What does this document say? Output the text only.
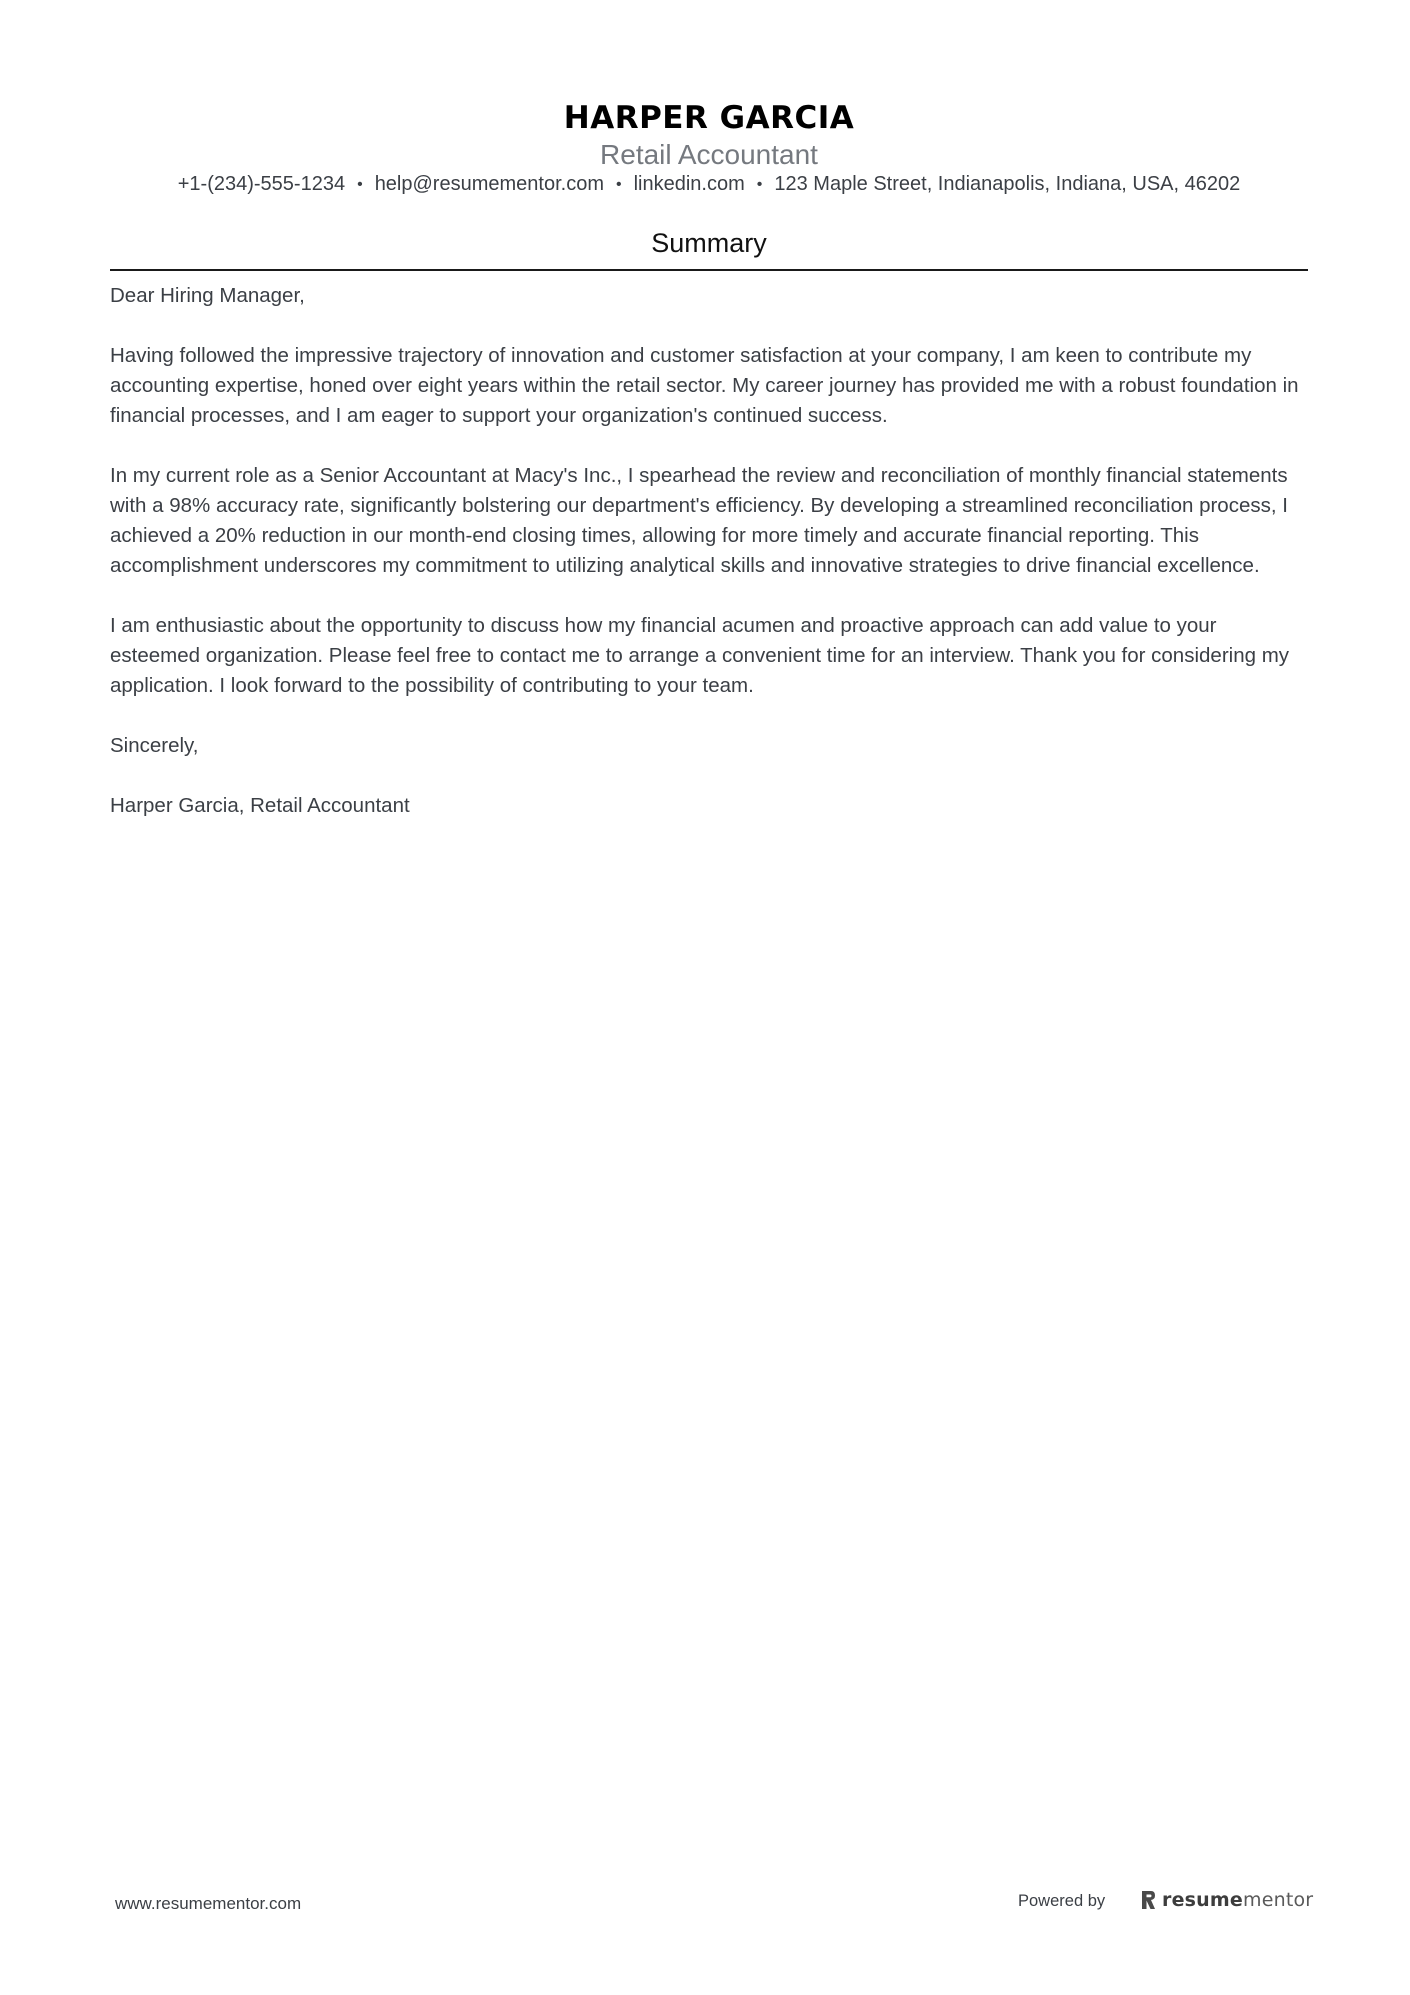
HARPER GARCIA
Retail Accountant
+1-(234)-555-1234 • help@resumementor.com • linkedin.com • 123 Maple Street, Indianapolis, Indiana, USA, 46202
Summary

Dear Hiring Manager,

Having followed the impressive trajectory of innovation and customer satisfaction at your company, I am keen to contribute my accounting expertise, honed over eight years within the retail sector. My career journey has provided me with a robust foundation in financial processes, and I am eager to support your organization's continued success.

In my current role as a Senior Accountant at Macy's Inc., I spearhead the review and reconciliation of monthly financial statements with a 98% accuracy rate, significantly bolstering our department's efficiency. By developing a streamlined reconciliation process, I achieved a 20% reduction in our month-end closing times, allowing for more timely and accurate financial reporting. This accomplishment underscores my commitment to utilizing analytical skills and innovative strategies to drive financial excellence.

I am enthusiastic about the opportunity to discuss how my financial acumen and proactive approach can add value to your esteemed organization. Please feel free to contact me to arrange a convenient time for an interview. Thank you for considering my application. I look forward to the possibility of contributing to your team.

Sincerely,

Harper Garcia, Retail Accountant

www.resumementor.com	Powered by	resumementor
